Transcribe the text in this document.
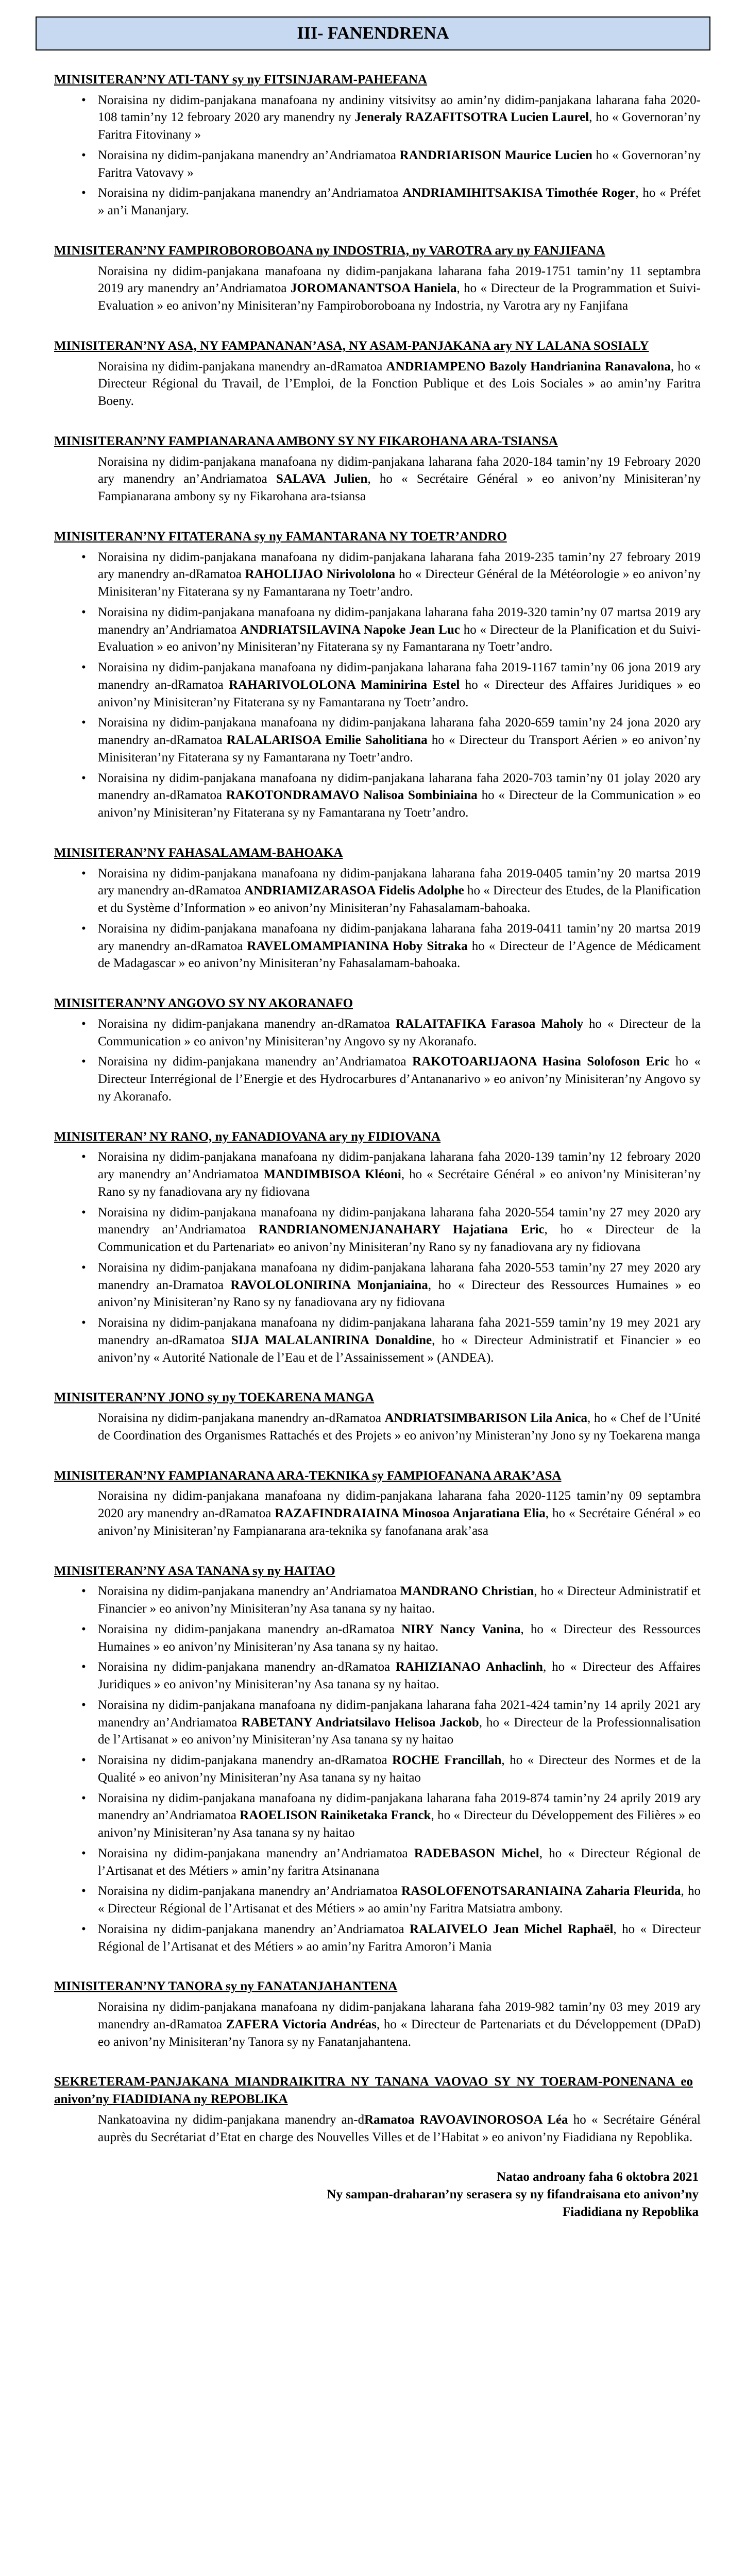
III- FANENDRENA
MINISITERAN’NY ATI-TANY sy ny FITSINJARAM-PAHEFANA
• Noraisina ny didim-panjakana manafoana ny andininy vitsivitsy ao amin’ny didim-panjakana laharana faha 2020-108 tamin’ny 12 febroary 2020 ary manendry ny Jeneraly RAZAFITSOTRA Lucien Laurel, ho « Governoran’ny Faritra Fitovinany »
• Noraisina ny didim-panjakana manendry an’Andriamatoa RANDRIARISON Maurice Lucien ho « Governoran’ny Faritra Vatovavy »
• Noraisina ny didim-panjakana manendry an’Andriamatoa ANDRIAMIHITSAKISA Timothée Roger, ho « Préfet » an’i Mananjary.
MINISITERAN’NY FAMPIROBOROBOANA ny INDOSTRIA, ny VAROTRA ary ny FANJIFANA
Noraisina ny didim-panjakana manafoana ny didim-panjakana laharana faha 2019-1751 tamin’ny 11 septambra 2019 ary manendry an’Andriamatoa JOROMANANTSOA Haniela, ho « Directeur de la Programmation et Suivi-Evaluation » eo anivon’ny Minisiteran’ny Fampiroboroboana ny Indostria, ny Varotra ary ny Fanjifana
MINISITERAN’NY ASA, NY FAMPANANAN’ASA, NY ASAM-PANJAKANA ary NY LALANA SOSIALY
Noraisina ny didim-panjakana manendry an-dRamatoa ANDRIAMPENO Bazoly Handrianina Ranavalona, ho « Directeur Régional du Travail, de l’Emploi, de la Fonction Publique et des Lois Sociales » ao amin’ny Faritra Boeny.
MINISITERAN’NY FAMPIANARANA AMBONY SY NY FIKAROHANA ARA-TSIANSA
Noraisina ny didim-panjakana manafoana ny didim-panjakana laharana faha 2020-184 tamin’ny 19 Febroary 2020 ary manendry an’Andriamatoa SALAVA Julien, ho « Secrétaire Général » eo anivon’ny Minisiteran’ny Fampianarana ambony sy ny Fikarohana ara-tsiansa
MINISITERAN’NY FITATERANA sy ny FAMANTARANA NY TOETR’ANDRO
• Noraisina ny didim-panjakana manafoana ny didim-panjakana laharana faha 2019-235 tamin’ny 27 febroary 2019 ary manendry an-dRamatoa RAHOLIJAO Nirivololona ho « Directeur Général de la Météorologie » eo anivon’ny Minisiteran’ny Fitaterana sy ny Famantarana ny Toetr’andro.
• Noraisina ny didim-panjakana manafoana ny didim-panjakana laharana faha 2019-320 tamin’ny 07 martsa 2019 ary manendry an’Andriamatoa ANDRIATSILAVINA Napoke Jean Luc ho « Directeur de la Planification et du Suivi-Evaluation » eo anivon’ny Minisiteran’ny Fitaterana sy ny Famantarana ny Toetr’andro.
• Noraisina ny didim-panjakana manafoana ny didim-panjakana laharana faha 2019-1167 tamin’ny 06 jona 2019 ary manendry an-dRamatoa RAHARIVOLOLONA Maminirina Estel ho « Directeur des Affaires Juridiques » eo anivon’ny Minisiteran’ny Fitaterana sy ny Famantarana ny Toetr’andro.
• Noraisina ny didim-panjakana manafoana ny didim-panjakana laharana faha 2020-659 tamin’ny 24 jona 2020 ary manendry an-dRamatoa RALALARISOA Emilie Saholitiana ho « Directeur du Transport Aérien » eo anivon’ny Minisiteran’ny Fitaterana sy ny Famantarana ny Toetr’andro.
• Noraisina ny didim-panjakana manafoana ny didim-panjakana laharana faha 2020-703 tamin’ny 01 jolay 2020 ary manendry an-dRamatoa RAKOTONDRAMAVO Nalisoa Sombiniaina ho « Directeur de la Communication » eo anivon’ny Minisiteran’ny Fitaterana sy ny Famantarana ny Toetr’andro.
MINISITERAN’NY FAHASALAMAM-BAHOAKA
• Noraisina ny didim-panjakana manafoana ny didim-panjakana laharana faha 2019-0405 tamin’ny 20 martsa 2019 ary manendry an-dRamatoa ANDRIAMIZARASOA Fidelis Adolphe ho « Directeur des Etudes, de la Planification et du Système d’Information » eo anivon’ny Minisiteran’ny Fahasalamam-bahoaka.
• Noraisina ny didim-panjakana manafoana ny didim-panjakana laharana faha 2019-0411 tamin’ny 20 martsa 2019 ary manendry an-dRamatoa RAVELOMAMPIANINA Hoby Sitraka ho « Directeur de l’Agence de Médicament de Madagascar » eo anivon’ny Minisiteran’ny Fahasalamam-bahoaka.
MINISITERAN’NY ANGOVO SY NY AKORANAFO
• Noraisina ny didim-panjakana manendry an-dRamatoa RALAITAFIKA Farasoa Maholy ho « Directeur de la Communication » eo anivon’ny Minisiteran’ny Angovo sy ny Akoranafo.
• Noraisina ny didim-panjakana manendry an’Andriamatoa RAKOTOARIJAONA Hasina Solofoson Eric ho « Directeur Interrégional de l’Energie et des Hydrocarbures d’Antananarivo » eo anivon’ny Minisiteran’ny Angovo sy ny Akoranafo.
MINISITERAN’ NY RANO, ny FANADIOVANA ary ny FIDIOVANA
• Noraisina ny didim-panjakana manafoana ny didim-panjakana laharana faha 2020-139 tamin’ny 12 febroary 2020 ary manendry an’Andriamatoa MANDIMBISOA Kléoni, ho « Secrétaire Général » eo anivon’ny Minisiteran’ny Rano sy ny fanadiovana ary ny fidiovana
• Noraisina ny didim-panjakana manafoana ny didim-panjakana laharana faha 2020-554 tamin’ny 27 mey 2020 ary manendry an’Andriamatoa RANDRIANOMENJANAHARY Hajatiana Eric, ho « Directeur de la Communication et du Partenariat» eo anivon’ny Minisiteran’ny Rano sy ny fanadiovana ary ny fidiovana
• Noraisina ny didim-panjakana manafoana ny didim-panjakana laharana faha 2020-553 tamin’ny 27 mey 2020 ary manendry an-Dramatoa RAVOLOLONIRINA Monjaniaina, ho « Directeur des Ressources Humaines » eo anivon’ny Minisiteran’ny Rano sy ny fanadiovana ary ny fidiovana
• Noraisina ny didim-panjakana manafoana ny didim-panjakana laharana faha 2021-559 tamin’ny 19 mey 2021 ary manendry an-dRamatoa SIJA MALALANIRINA Donaldine, ho « Directeur Administratif et Financier » eo anivon’ny « Autorité Nationale de l’Eau et de l’Assainissement » (ANDEA).
MINISITERAN’NY JONO sy ny TOEKARENA MANGA
Noraisina ny didim-panjakana manendry an-dRamatoa ANDRIATSIMBARISON Lila Anica, ho « Chef de l’Unité de Coordination des Organismes Rattachés et des Projets » eo anivon’ny Ministeran’ny Jono sy ny Toekarena manga
MINISITERAN’NY FAMPIANARANA ARA-TEKNIKA sy FAMPIOFANANA ARAK’ASA
Noraisina ny didim-panjakana manafoana ny didim-panjakana laharana faha 2020-1125 tamin’ny 09 septambra 2020 ary manendry an-dRamatoa RAZAFINDRAIAINA Minosoa Anjaratiana Elia, ho « Secrétaire Général » eo anivon’ny Minisiteran’ny Fampianarana ara-teknika sy fanofanana arak’asa
MINISITERAN’NY ASA TANANA sy ny HAITAO
• Noraisina ny didim-panjakana manendry an’Andriamatoa MANDRANO Christian, ho « Directeur Administratif et Financier » eo anivon’ny Minisiteran’ny Asa tanana sy ny haitao.
• Noraisina ny didim-panjakana manendry an-dRamatoa NIRY Nancy Vanina, ho « Directeur des Ressources Humaines » eo anivon’ny Minisiteran’ny Asa tanana sy ny haitao.
• Noraisina ny didim-panjakana manendry an-dRamatoa RAHIZIANAO Anhaclinh, ho « Directeur des Affaires Juridiques » eo anivon’ny Minisiteran’ny Asa tanana sy ny haitao.
• Noraisina ny didim-panjakana manafoana ny didim-panjakana laharana faha 2021-424 tamin’ny 14 aprily 2021 ary manendry an’Andriamatoa RABETANY Andriatsilavo Helisoa Jackob, ho « Directeur de la Professionnalisation de l’Artisanat » eo anivon’ny Minisiteran’ny Asa tanana sy ny haitao
• Noraisina ny didim-panjakana manendry an-dRamatoa ROCHE Francillah, ho « Directeur des Normes et de la Qualité » eo anivon’ny Minisiteran’ny Asa tanana sy ny haitao
• Noraisina ny didim-panjakana manafoana ny didim-panjakana laharana faha 2019-874 tamin’ny 24 aprily 2019 ary manendry an’Andriamatoa RAOELISON Rainiketaka Franck, ho « Directeur du Développement des Filières » eo anivon’ny Minisiteran’ny Asa tanana sy ny haitao
• Noraisina ny didim-panjakana manendry an’Andriamatoa RADEBASON Michel, ho « Directeur Régional de l’Artisanat et des Métiers » amin’ny faritra Atsinanana
• Noraisina ny didim-panjakana manendry an’Andriamatoa RASOLOFENOTSARANIAINA Zaharia Fleurida, ho « Directeur Régional de l’Artisanat et des Métiers » ao amin’ny Faritra Matsiatra ambony.
• Noraisina ny didim-panjakana manendry an’Andriamatoa RALAIVELO Jean Michel Raphaël, ho « Directeur Régional de l’Artisanat et des Métiers » ao amin’ny Faritra Amoron’i Mania
MINISITERAN’NY TANORA sy ny FANATANJAHANTENA
Noraisina ny didim-panjakana manafoana ny didim-panjakana laharana faha 2019-982 tamin’ny 03 mey 2019 ary manendry an-dRamatoa ZAFERA Victoria Andréas, ho « Directeur de Partenariats et du Développement (DPaD) eo anivon’ny Minisiteran’ny Tanora sy ny Fanatanjahantena.
SEKRETERAM-PANJAKANA MIANDRAIKITRA NY TANANA VAOVAO SY NY TOERAM-PONENANA eo anivon’ny FIADIDIANA ny REPOBLIKA
Nankatoavina ny didim-panjakana manendry an-dRamatoa RAVOAVINOROSOA Léa ho « Secrétaire Général auprès du Secrétariat d’Etat en charge des Nouvelles Villes et de l’Habitat » eo anivon’ny Fiadidiana ny Repoblika.
Natao androany faha 6 oktobra 2021
Ny sampan-draharan’ny serasera sy ny fifandraisana eto anivon’ny
Fiadidiana ny Repoblika
